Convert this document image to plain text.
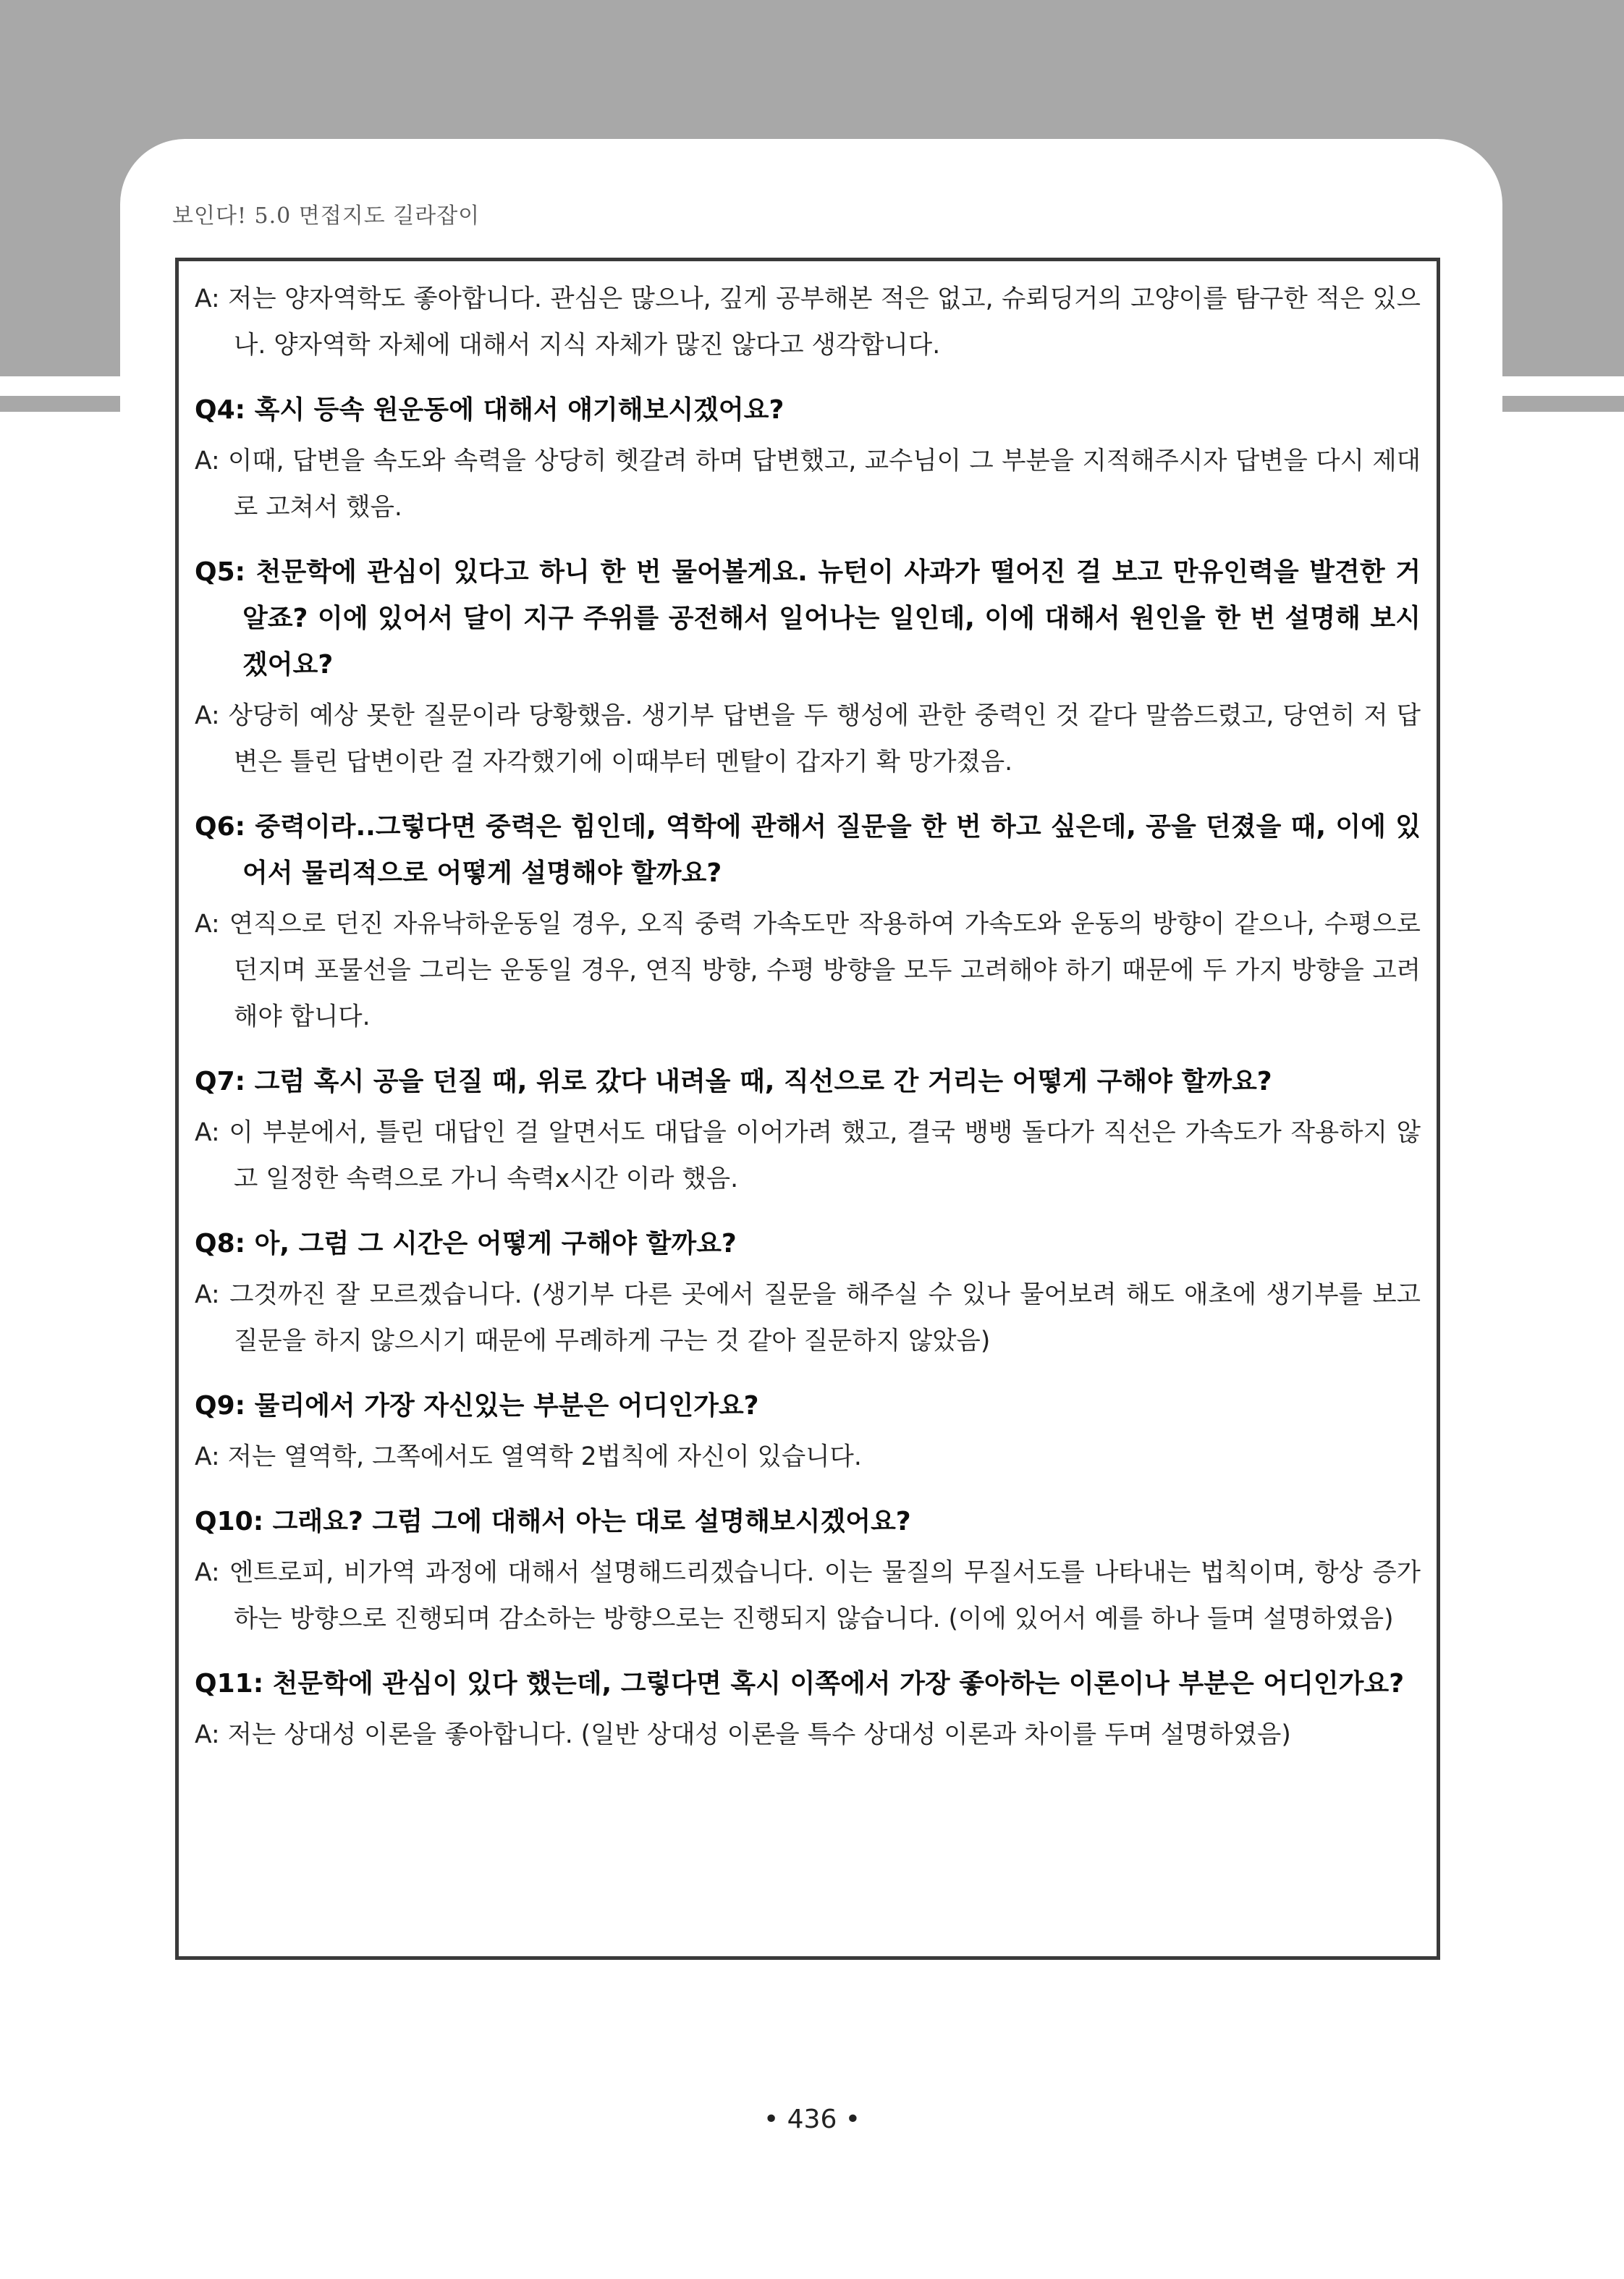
보인다! 5.0 면접지도 길라잡이

A: 저는 양자역학도 좋아합니다. 관심은 많으나, 깊게 공부해본 적은 없고, 슈뢰딩거의 고양이를 탐구한 적은 있으나. 양자역학 자체에 대해서 지식 자체가 많진 않다고 생각합니다.

Q4: 혹시 등속 원운동에 대해서 얘기해보시겠어요?

A: 이때, 답변을 속도와 속력을 상당히 헷갈려 하며 답변했고, 교수님이 그 부분을 지적해주시자 답변을 다시 제대로 고쳐서 했음.

Q5: 천문학에 관심이 있다고 하니 한 번 물어볼게요. 뉴턴이 사과가 떨어진 걸 보고 만유인력을 발견한 거 알죠? 이에 있어서 달이 지구 주위를 공전해서 일어나는 일인데, 이에 대해서 원인을 한 번 설명해 보시겠어요?

A: 상당히 예상 못한 질문이라 당황했음. 생기부 답변을 두 행성에 관한 중력인 것 같다 말씀드렸고, 당연히 저 답변은 틀린 답변이란 걸 자각했기에 이때부터 멘탈이 갑자기 확 망가졌음.

Q6: 중력이라..그렇다면 중력은 힘인데, 역학에 관해서 질문을 한 번 하고 싶은데, 공을 던졌을 때, 이에 있어서 물리적으로 어떻게 설명해야 할까요?

A: 연직으로 던진 자유낙하운동일 경우, 오직 중력 가속도만 작용하여 가속도와 운동의 방향이 같으나, 수평으로 던지며 포물선을 그리는 운동일 경우, 연직 방향, 수평 방향을 모두 고려해야 하기 때문에 두 가지 방향을 고려해야 합니다.

Q7: 그럼 혹시 공을 던질 때, 위로 갔다 내려올 때, 직선으로 간 거리는 어떻게 구해야 할까요?

A: 이 부분에서, 틀린 대답인 걸 알면서도 대답을 이어가려 했고, 결국 뱅뱅 돌다가 직선은 가속도가 작용하지 않고 일정한 속력으로 가니 속력x시간 이라 했음.

Q8: 아, 그럼 그 시간은 어떻게 구해야 할까요?

A: 그것까진 잘 모르겠습니다. (생기부 다른 곳에서 질문을 해주실 수 있나 물어보려 해도 애초에 생기부를 보고 질문을 하지 않으시기 때문에 무례하게 구는 것 같아 질문하지 않았음)

Q9: 물리에서 가장 자신있는 부분은 어디인가요?

A: 저는 열역학, 그쪽에서도 열역학 2법칙에 자신이 있습니다.

Q10: 그래요? 그럼 그에 대해서 아는 대로 설명해보시겠어요?

A: 엔트로피, 비가역 과정에 대해서 설명해드리겠습니다. 이는 물질의 무질서도를 나타내는 법칙이며, 항상 증가하는 방향으로 진행되며 감소하는 방향으로는 진행되지 않습니다. (이에 있어서 예를 하나 들며 설명하였음)

Q11: 천문학에 관심이 있다 했는데, 그렇다면 혹시 이쪽에서 가장 좋아하는 이론이나 부분은 어디인가요?

A: 저는 상대성 이론을 좋아합니다. (일반 상대성 이론을 특수 상대성 이론과 차이를 두며 설명하였음)

• 436 •
